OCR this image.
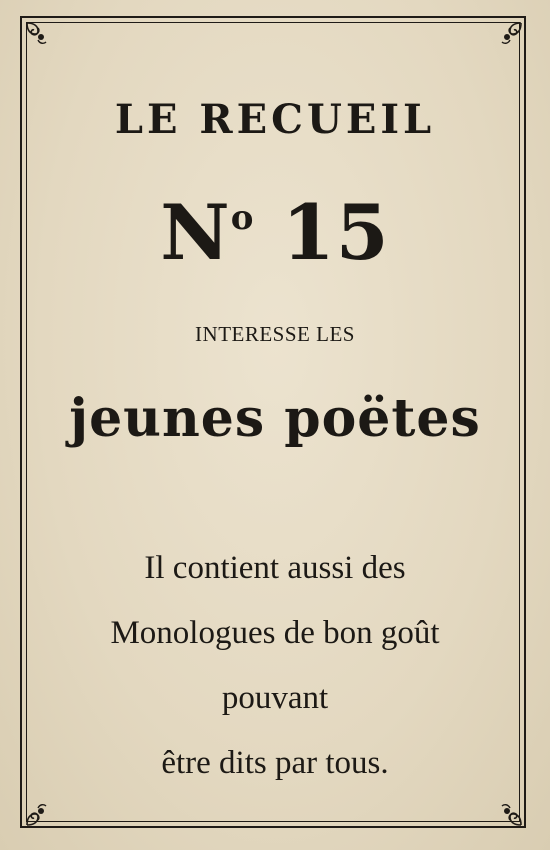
LE RECUEIL
$N^o$ 15
INTERESSE LES
jeunes poëtes
Il contient aussi des
Monologues de bon goût
pouvant
être dits par tous.
